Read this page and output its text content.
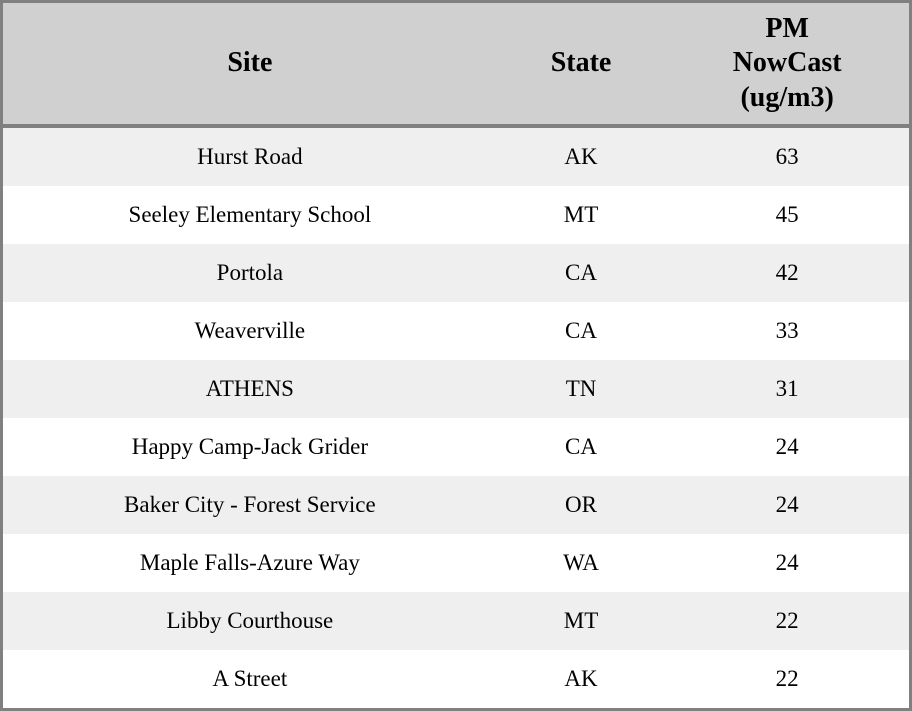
Site	State	PM
NowCast
(ug/m3)

Hurst Road	AK	63
Seeley Elementary School	MT	45
Portola	CA	42
Weaverville	CA	33
ATHENS	TN	31
Happy Camp-Jack Grider	CA	24
Baker City - Forest Service	OR	24
Maple Falls-Azure Way	WA	24
Libby Courthouse	MT	22
A Street	AK	22
